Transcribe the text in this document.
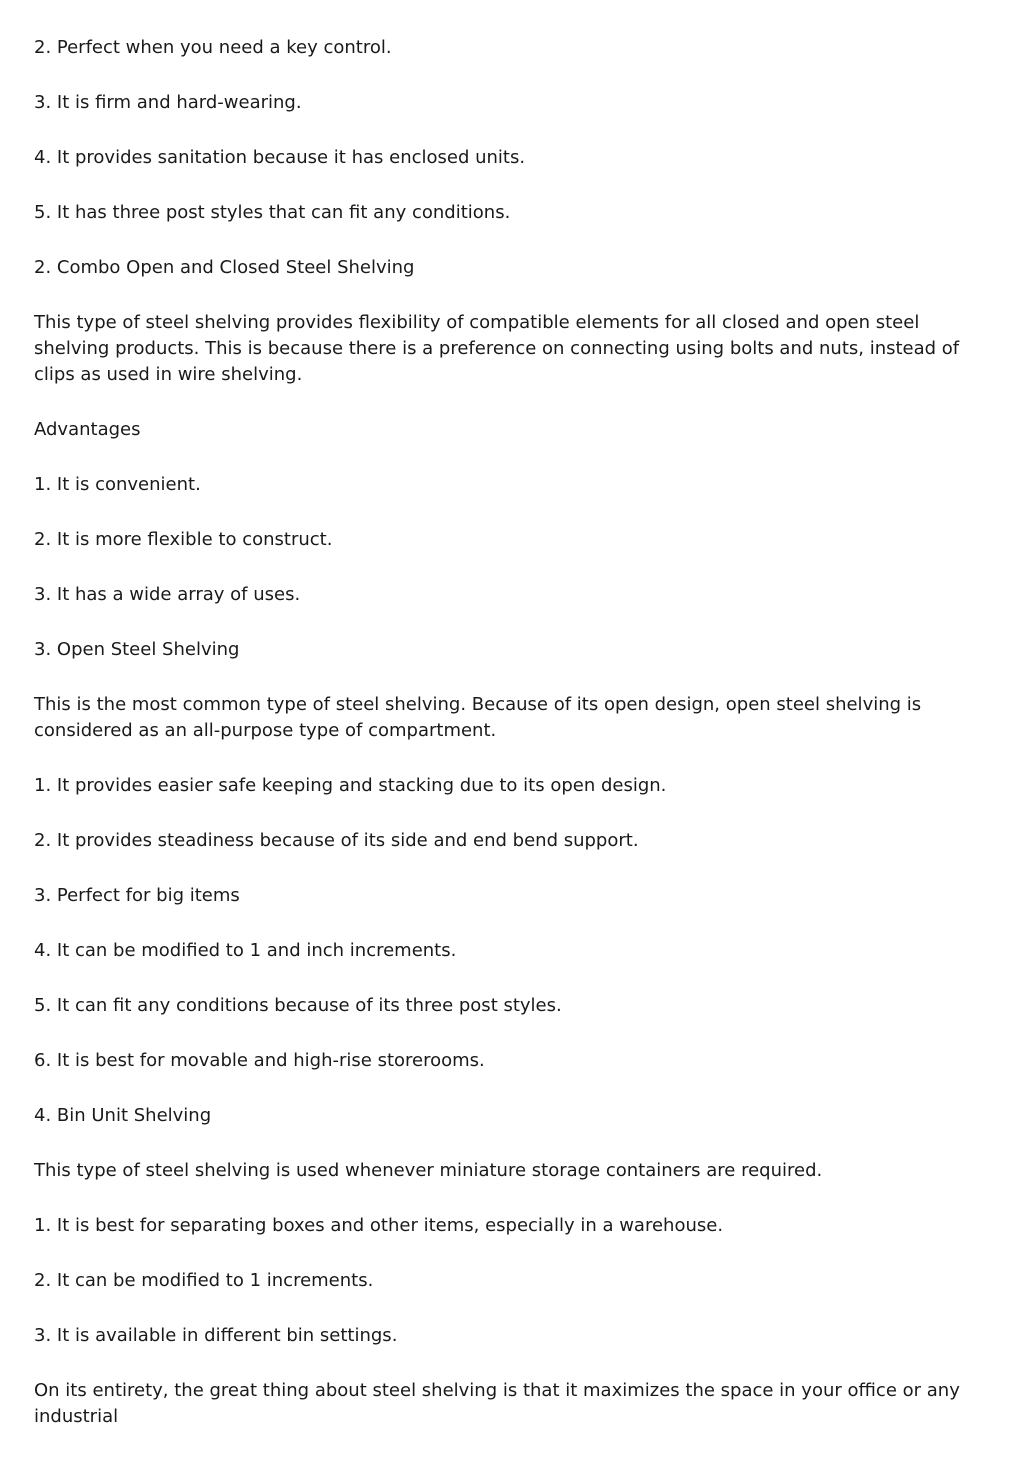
2. Perfect when you need a key control.

3. It is firm and hard-wearing.

4. It provides sanitation because it has enclosed units.

5. It has three post styles that can fit any conditions.

2. Combo Open and Closed Steel Shelving

This type of steel shelving provides flexibility of compatible elements for all closed and open steel shelving products. This is because there is a preference on connecting using bolts and nuts, instead of clips as used in wire shelving.

Advantages

1. It is convenient.

2. It is more flexible to construct.

3. It has a wide array of uses.

3. Open Steel Shelving

This is the most common type of steel shelving. Because of its open design, open steel shelving is considered as an all-purpose type of compartment.

1. It provides easier safe keeping and stacking due to its open design.

2. It provides steadiness because of its side and end bend support.

3. Perfect for big items

4. It can be modified to 1 and inch increments.

5. It can fit any conditions because of its three post styles.

6. It is best for movable and high-rise storerooms.

4. Bin Unit Shelving

This type of steel shelving is used whenever miniature storage containers are required.

1. It is best for separating boxes and other items, especially in a warehouse.

2. It can be modified to 1 increments.

3. It is available in different bin settings.

On its entirety, the great thing about steel shelving is that it maximizes the space in your office or any industrial
